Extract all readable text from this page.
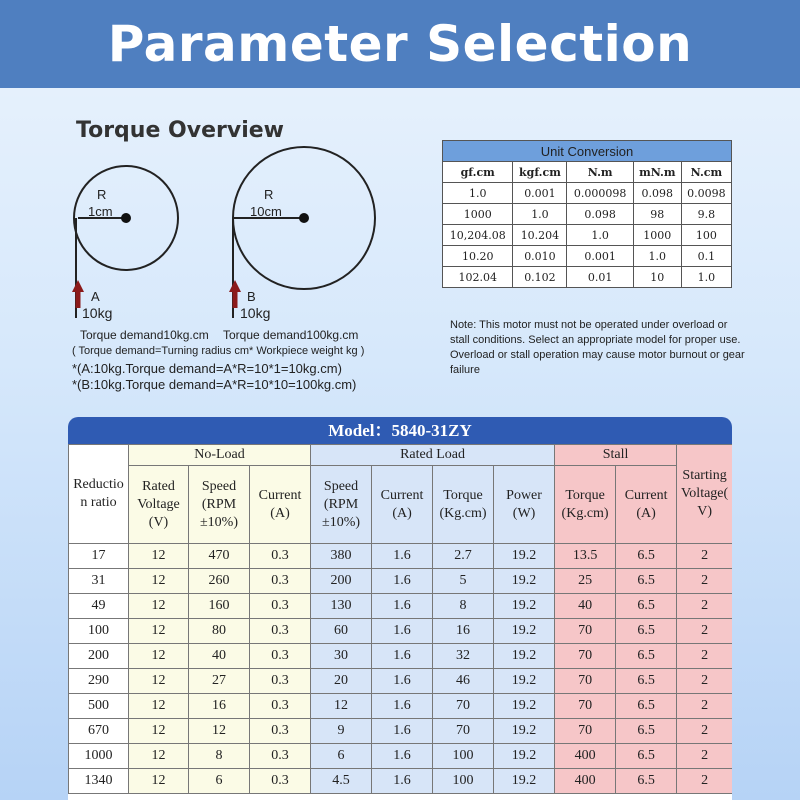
Parameter Selection
Torque Overview
R
1cm
A
10kg
R
10cm
B
10kg
Torque demand10kg.cm Torque demand100kg.cm
( Torque demand=Turning radius cm* Workpiece weight kg )
*(A:10kg.Torque demand=A*R=10*1=10kg.cm)
*(B:10kg.Torque demand=A*R=10*10=100kg.cm)
Unit Conversion				
gf.cm	kgf.cm	N.m	mN.m	N.cm
1.0	0.001	0.000098	0.098	0.0098
1000	1.0	0.098	98	9.8
10,204.08	10.204	1.0	1000	100
10.20	0.010	0.001	1.0	0.1
102.04	0.102	0.01	10	1.0

Note: This motor must not be operated under overload or stall conditions. Select an appropriate model for proper use. Overload or stall operation may cause motor burnout or gear failure

Model：5840-31ZY
Reductio n ratio	No-Load			Rated Load				Stall		Starting Voltage( V)
	Rated Voltage (V)	Speed (RPM ±10%)	Current (A)	Speed (RPM ±10%)	Current (A)	Torque (Kg.cm)	Power (W)	Torque (Kg.cm)	Current (A)	
17	12	470	0.3	380	1.6	2.7	19.2	13.5	6.5	2
31	12	260	0.3	200	1.6	5	19.2	25	6.5	2
49	12	160	0.3	130	1.6	8	19.2	40	6.5	2
100	12	80	0.3	60	1.6	16	19.2	70	6.5	2
200	12	40	0.3	30	1.6	32	19.2	70	6.5	2
290	12	27	0.3	20	1.6	46	19.2	70	6.5	2
500	12	16	0.3	12	1.6	70	19.2	70	6.5	2
670	12	12	0.3	9	1.6	70	19.2	70	6.5	2
1000	12	8	0.3	6	1.6	100	19.2	400	6.5	2
1340	12	6	0.3	4.5	1.6	100	19.2	400	6.5	2
